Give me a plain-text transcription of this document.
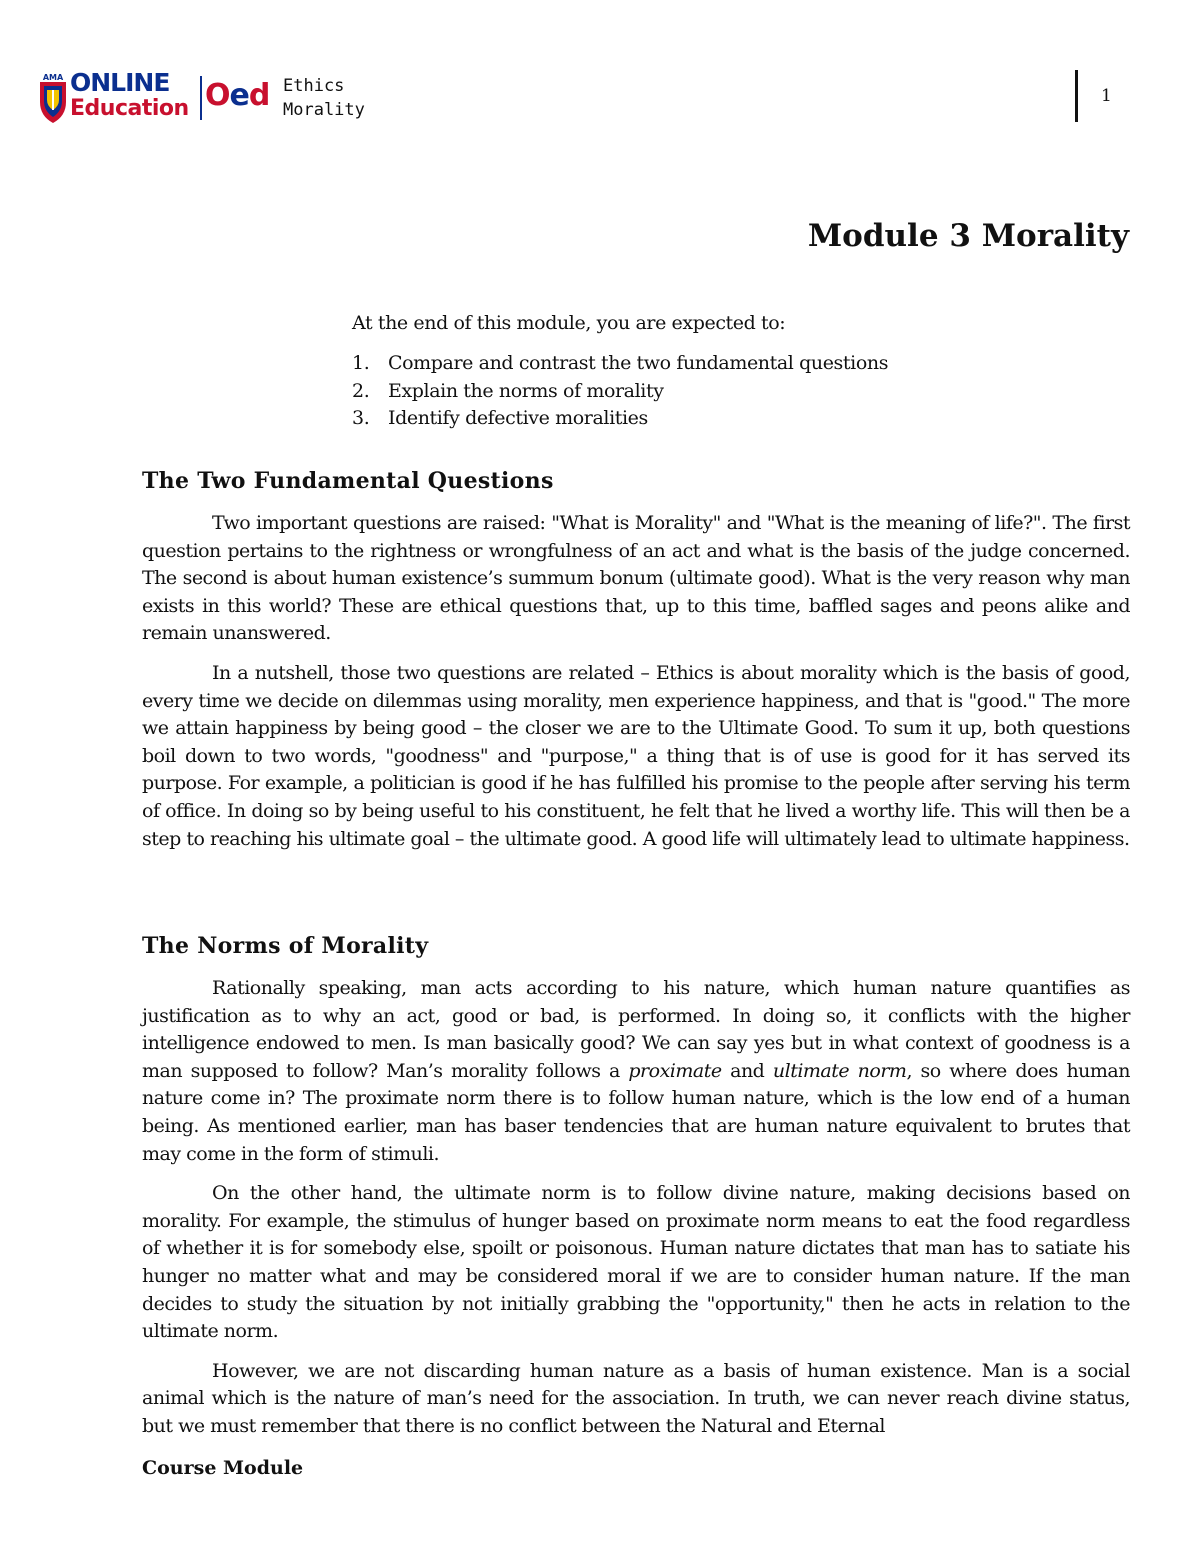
AMA ONLINE
Education Oed Ethics
Morality
1
Module 3 Morality

At the end of this module, you are expected to:

1. Compare and contrast the two fundamental questions
2. Explain the norms of morality
3. Identify defective moralities
The Two Fundamental Questions

Two important questions are raised: "What is Morality" and "What is the meaning of life?". The first question pertains to the rightness or wrongfulness of an act and what is the basis of the judge concerned. The second is about human existence’s summum bonum (ultimate good). What is the very reason why man exists in this world? These are ethical questions that, up to this time, baffled sages and peons alike and remain unanswered.

In a nutshell, those two questions are related – Ethics is about morality which is the basis of good, every time we decide on dilemmas using morality, men experience happiness, and that is "good." The more we attain happiness by being good – the closer we are to the Ultimate Good. To sum it up, both questions boil down to two words, "goodness" and "purpose," a thing that is of use is good for it has served its purpose. For example, a politician is good if he has fulfilled his promise to the people after serving his term of office. In doing so by being useful to his constituent, he felt that he lived a worthy life. This will then be a step to reaching his ultimate goal – the ultimate good. A good life will ultimately lead to ultimate happiness.

The Norms of Morality

Rationally speaking, man acts according to his nature, which human nature quantifies as justification as to why an act, good or bad, is performed. In doing so, it conflicts with the higher intelligence endowed to men. Is man basically good? We can say yes but in what context of goodness is a man supposed to follow? Man’s morality follows a proximate and ultimate norm, so where does human nature come in? The proximate norm there is to follow human nature, which is the low end of a human being. As mentioned earlier, man has baser tendencies that are human nature equivalent to brutes that may come in the form of stimuli.

On the other hand, the ultimate norm is to follow divine nature, making decisions based on morality. For example, the stimulus of hunger based on proximate norm means to eat the food regardless of whether it is for somebody else, spoilt or poisonous. Human nature dictates that man has to satiate his hunger no matter what and may be considered moral if we are to consider human nature. If the man decides to study the situation by not initially grabbing the "opportunity," then he acts in relation to the ultimate norm.

However, we are not discarding human nature as a basis of human existence. Man is a social animal which is the nature of man’s need for the association. In truth, we can never reach divine status, but we must remember that there is no conflict between the Natural and Eternal

Course Module
